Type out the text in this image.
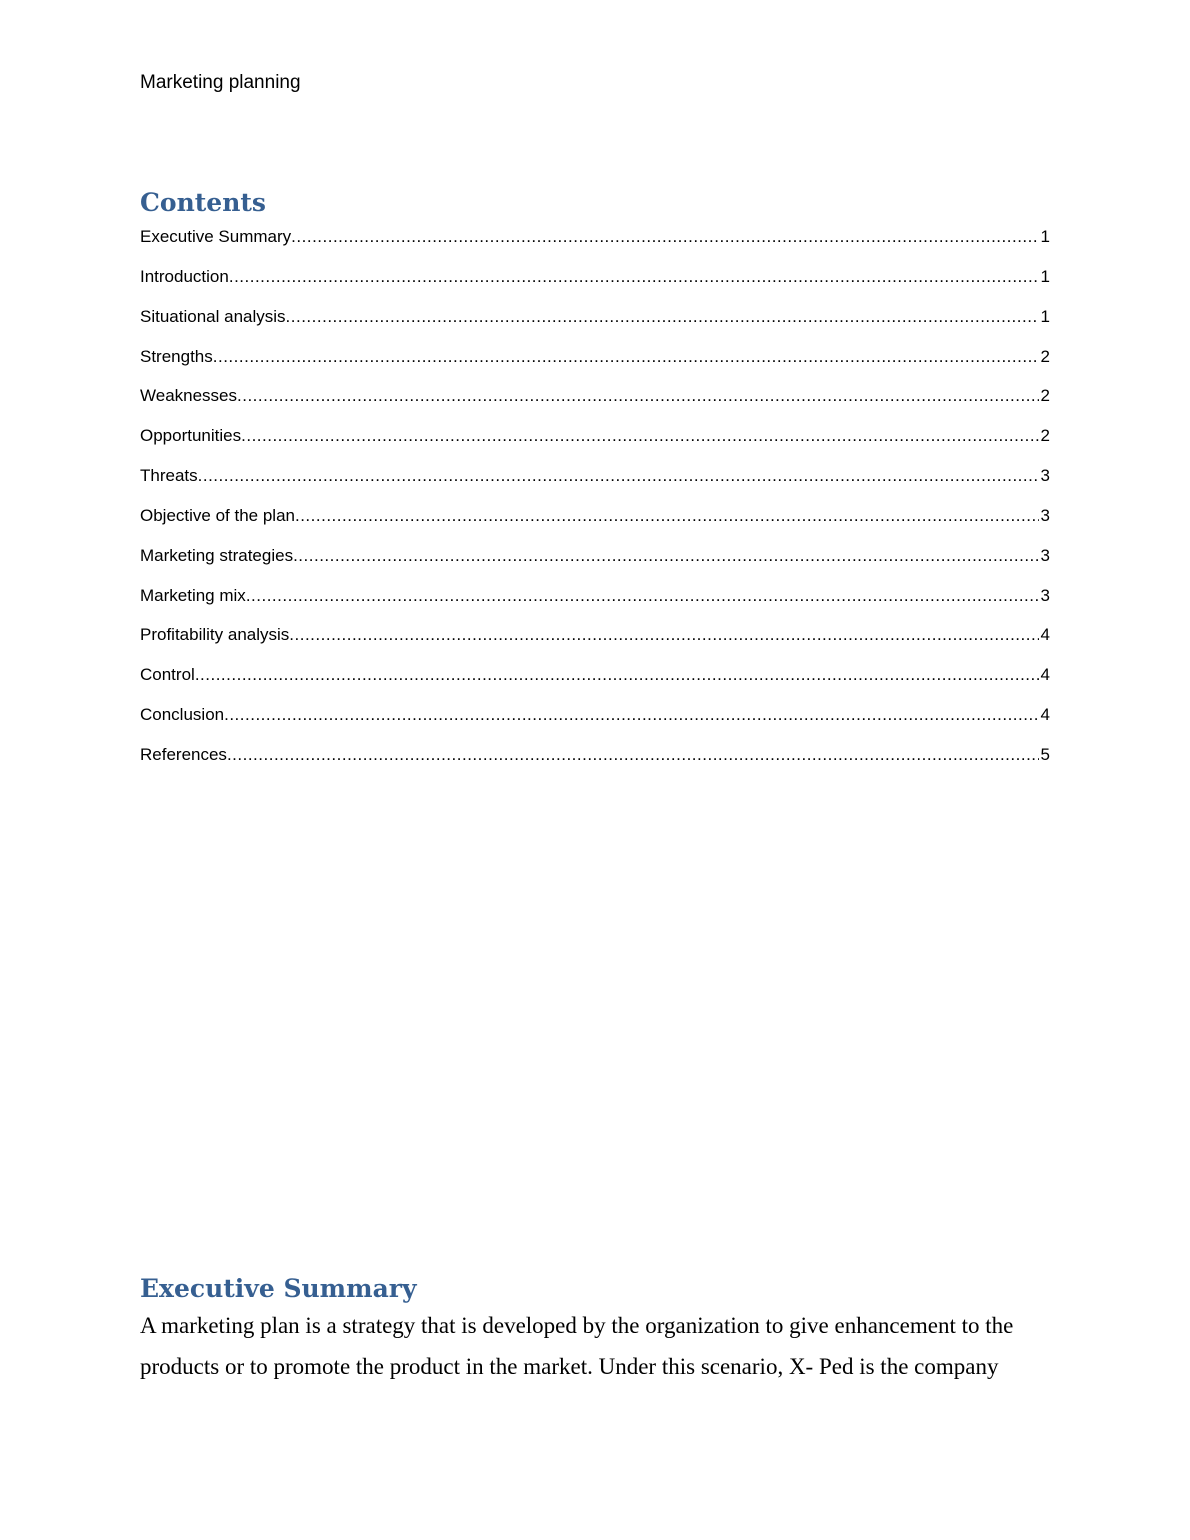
Marketing planning
Contents
Executive Summary .....	1
Introduction .....	1
Situational analysis .....	1
Strengths .....	2
Weaknesses .....	2
Opportunities .....	2
Threats .....	3
Objective of the plan .....	3
Marketing strategies .....	3
Marketing mix .....	3
Profitability analysis .....	4
Control .....	4
Conclusion .....	4
References .....	5
Executive Summary

A marketing plan is a strategy that is developed by the organization to give enhancement to the
products or to promote the product in the market. Under this scenario, X- Ped is the company
